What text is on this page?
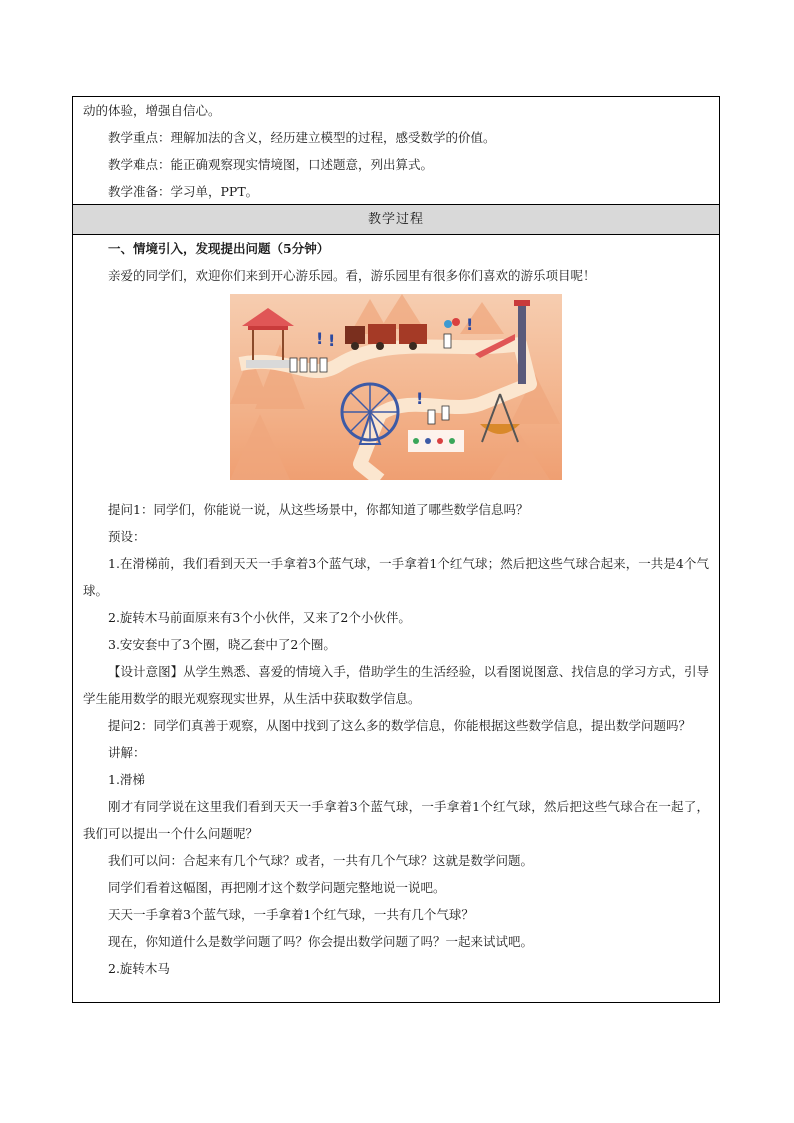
动的体验，增强自信心。

教学重点：理解加法的含义，经历建立模型的过程，感受数学的价值。

教学难点：能正确观察现实情境图，口述题意，列出算式。

教学准备：学习单，PPT。

教学过程

一、情境引入，发现提出问题（5分钟）

亲爱的同学们，欢迎你们来到开心游乐园。看，游乐园里有很多你们喜欢的游乐项目呢！

! !
!
!

提问1：同学们，你能说一说，从这些场景中，你都知道了哪些数学信息吗？

预设：

1.在滑梯前，我们看到天天一手拿着3个蓝气球，一手拿着1个红气球；然后把这些气球合起来，一共是4个气球。

2.旋转木马前面原来有3个小伙伴，又来了2个小伙伴。

3.安安套中了3个圈，晓乙套中了2个圈。

【设计意图】从学生熟悉、喜爱的情境入手，借助学生的生活经验，以看图说图意、找信息的学习方式，引导学生能用数学的眼光观察现实世界，从生活中获取数学信息。

提问2：同学们真善于观察，从图中找到了这么多的数学信息，你能根据这些数学信息，提出数学问题吗？

讲解：

1.滑梯

刚才有同学说在这里我们看到天天一手拿着3个蓝气球，一手拿着1个红气球，然后把这些气球合在一起了，我们可以提出一个什么问题呢？

我们可以问：合起来有几个气球？或者，一共有几个气球？这就是数学问题。

同学们看着这幅图，再把刚才这个数学问题完整地说一说吧。

天天一手拿着3个蓝气球，一手拿着1个红气球，一共有几个气球？

现在，你知道什么是数学问题了吗？你会提出数学问题了吗？一起来试试吧。

2.旋转木马
